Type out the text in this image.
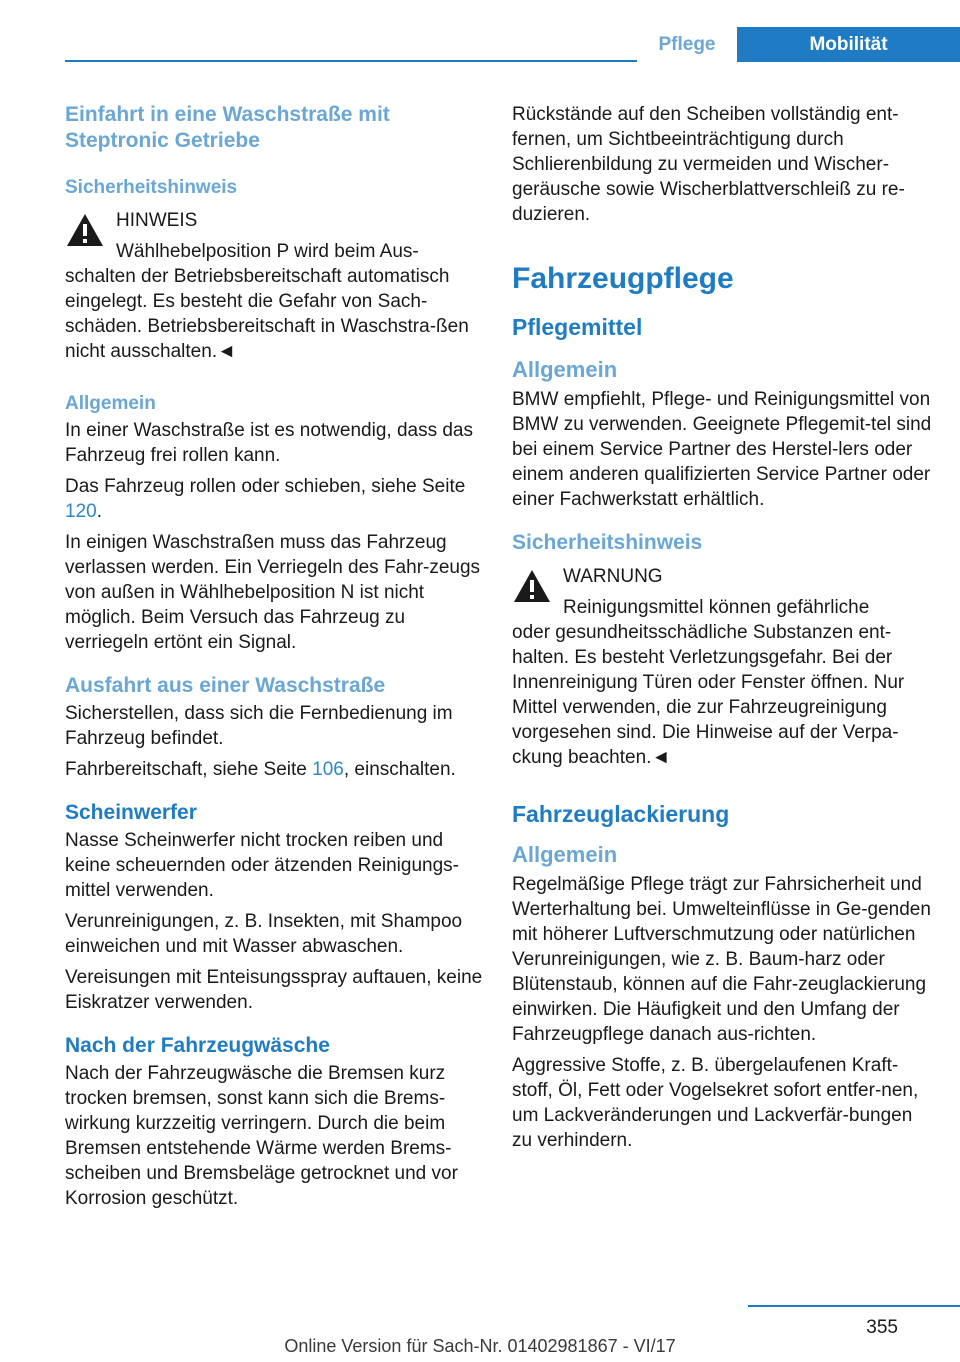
Pflege	Mobilität
Einfahrt in eine Waschstraße mit Steptronic Getriebe
Sicherheitshinweis

HINWEIS

Wählhebelposition P wird beim Aus-
schalten der Betriebsbereitschaft automatisch eingelegt. Es besteht die Gefahr von Sach-schäden. Betriebsbereitschaft in Waschstra-ßen nicht ausschalten.◄

Allgemein

In einer Waschstraße ist es notwendig, dass das Fahrzeug frei rollen kann.

Das Fahrzeug rollen oder schieben, siehe Seite 120.

In einigen Waschstraßen muss das Fahrzeug verlassen werden. Ein Verriegeln des Fahr-zeugs von außen in Wählhebelposition N ist nicht möglich. Beim Versuch das Fahrzeug zu verriegeln ertönt ein Signal.

Ausfahrt aus einer Waschstraße

Sicherstellen, dass sich die Fernbedienung im Fahrzeug befindet.

Fahrbereitschaft, siehe Seite 106, einschalten.

Scheinwerfer

Nasse Scheinwerfer nicht trocken reiben und keine scheuernden oder ätzenden Reinigungs-mittel verwenden.

Verunreinigungen, z. B. Insekten, mit Shampoo einweichen und mit Wasser abwaschen.

Vereisungen mit Enteisungsspray auftauen, keine Eiskratzer verwenden.

Nach der Fahrzeugwäsche

Nach der Fahrzeugwäsche die Bremsen kurz trocken bremsen, sonst kann sich die Brems-wirkung kurzzeitig verringern. Durch die beim Bremsen entstehende Wärme werden Brems-scheiben und Bremsbeläge getrocknet und vor Korrosion geschützt.

Rückstände auf den Scheiben vollständig ent-fernen, um Sichtbeeinträchtigung durch Schlierenbildung zu vermeiden und Wischer-geräusche sowie Wischerblattverschleiß zu re-duzieren.

Fahrzeugpflege
Pflegemittel
Allgemein

BMW empfiehlt, Pflege- und Reinigungsmittel von BMW zu verwenden. Geeignete Pflegemit-tel sind bei einem Service Partner des Herstel-lers oder einem anderen qualifizierten Service Partner oder einer Fachwerkstatt erhältlich.

Sicherheitshinweis

WARNUNG

Reinigungsmittel können gefährliche
oder gesundheitsschädliche Substanzen ent-halten. Es besteht Verletzungsgefahr. Bei der Innenreinigung Türen oder Fenster öffnen. Nur Mittel verwenden, die zur Fahrzeugreinigung vorgesehen sind. Die Hinweise auf der Verpa-ckung beachten.◄

Fahrzeuglackierung
Allgemein

Regelmäßige Pflege trägt zur Fahrsicherheit und Werterhaltung bei. Umwelteinflüsse in Ge-genden mit höherer Luftverschmutzung oder natürlichen Verunreinigungen, wie z. B. Baum-harz oder Blütenstaub, können auf die Fahr-zeuglackierung einwirken. Die Häufigkeit und den Umfang der Fahrzeugpflege danach aus-richten.

Aggressive Stoffe, z. B. übergelaufenen Kraft-stoff, Öl, Fett oder Vogelsekret sofort entfer-nen, um Lackveränderungen und Lackverfär-bungen zu verhindern.

355
Online Version für Sach-Nr. 01402981867 - VI/17
